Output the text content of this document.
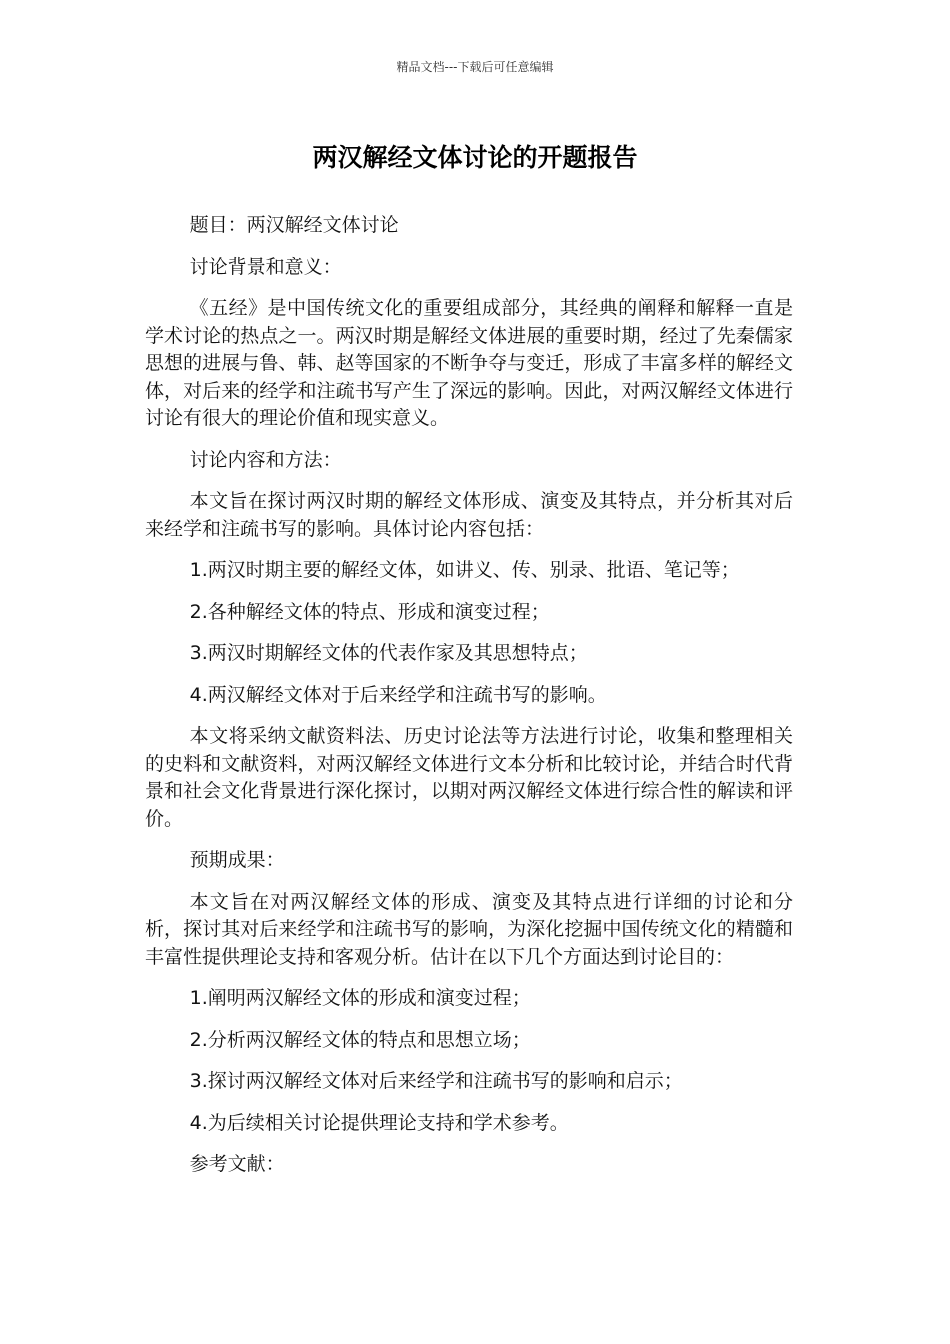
精品文档---下载后可任意编辑
两汉解经文体讨论的开题报告

题目：两汉解经文体讨论

讨论背景和意义：

《五经》是中国传统文化的重要组成部分，其经典的阐释和解释一直是学术讨论的热点之一。两汉时期是解经文体进展的重要时期，经过了先秦儒家思想的进展与鲁、韩、赵等国家的不断争夺与变迁，形成了丰富多样的解经文体，对后来的经学和注疏书写产生了深远的影响。因此，对两汉解经文体进行讨论有很大的理论价值和现实意义。

讨论内容和方法：

本文旨在探讨两汉时期的解经文体形成、演变及其特点，并分析其对后来经学和注疏书写的影响。具体讨论内容包括：

1.两汉时期主要的解经文体，如讲义、传、别录、批语、笔记等；

2.各种解经文体的特点、形成和演变过程；

3.两汉时期解经文体的代表作家及其思想特点；

4.两汉解经文体对于后来经学和注疏书写的影响。

本文将采纳文献资料法、历史讨论法等方法进行讨论，收集和整理相关的史料和文献资料，对两汉解经文体进行文本分析和比较讨论，并结合时代背景和社会文化背景进行深化探讨，以期对两汉解经文体进行综合性的解读和评价。

预期成果：

本文旨在对两汉解经文体的形成、演变及其特点进行详细的讨论和分析，探讨其对后来经学和注疏书写的影响，为深化挖掘中国传统文化的精髓和丰富性提供理论支持和客观分析。估计在以下几个方面达到讨论目的：

1.阐明两汉解经文体的形成和演变过程；

2.分析两汉解经文体的特点和思想立场；

3.探讨两汉解经文体对后来经学和注疏书写的影响和启示；

4.为后续相关讨论提供理论支持和学术参考。

参考文献：
